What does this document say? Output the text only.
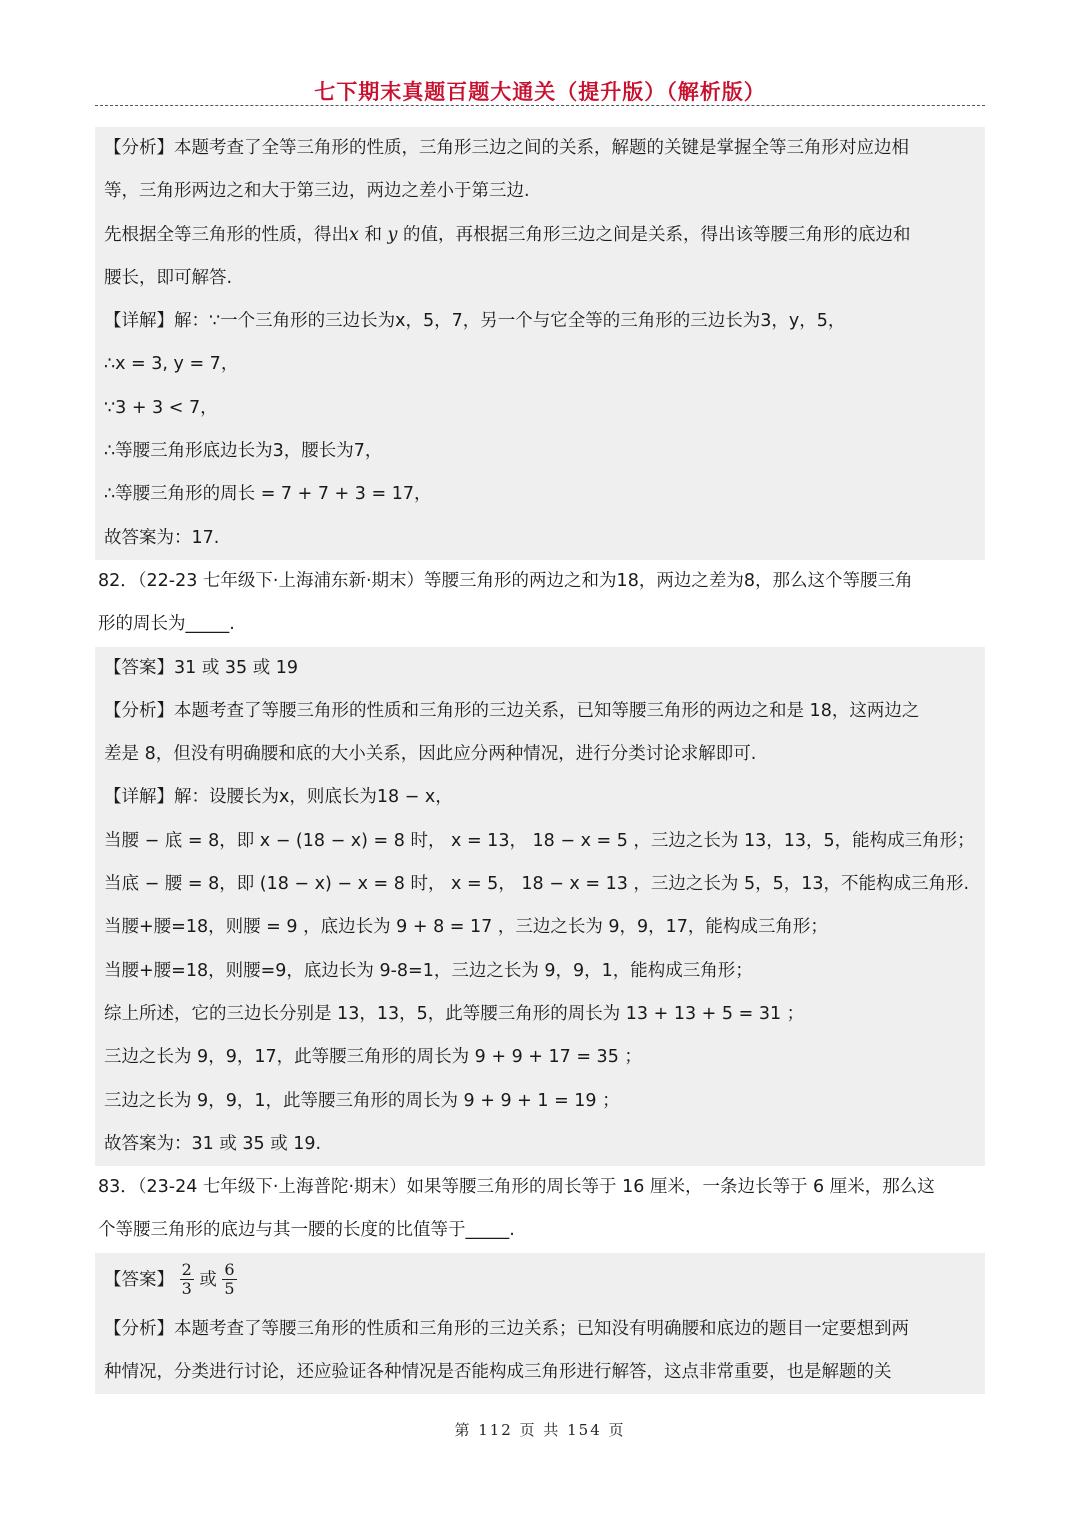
七下期末真题百题大通关（提升版）（解析版）
【分析】本题考查了全等三角形的性质，三角形三边之间的关系，解题的关键是掌握全等三角形对应边相
等，三角形两边之和大于第三边，两边之差小于第三边.
先根据全等三角形的性质，得出x 和 y 的值，再根据三角形三边之间是关系，得出该等腰三角形的底边和
腰长，即可解答.
【详解】解：∵一个三角形的三边长为x，5，7，另一个与它全等的三角形的三边长为3，y，5，
∴x = 3, y = 7，
∵3 + 3 < 7，
∴等腰三角形底边长为3，腰长为7，
∴等腰三角形的周长 = 7 + 7 + 3 = 17，
故答案为：17.
82．（22-23 七年级下·上海浦东新·期末）等腰三角形的两边之和为18，两边之差为8，那么这个等腰三角
形的周长为_____.
【答案】31 或 35 或 19
【分析】本题考查了等腰三角形的性质和三角形的三边关系，已知等腰三角形的两边之和是 18，这两边之
差是 8，但没有明确腰和底的大小关系，因此应分两种情况，进行分类讨论求解即可.
【详解】解：设腰长为x，则底长为18 − x，
当腰 − 底 = 8，即 x − (18 − x) = 8 时， x = 13， 18 − x = 5 ，三边之长为 13，13，5，能构成三角形；
当底 − 腰 = 8，即 (18 − x) − x = 8 时， x = 5， 18 − x = 13 ，三边之长为 5，5，13，不能构成三角形.
当腰+腰=18，则腰 = 9 ，底边长为 9 + 8 = 17 ，三边之长为 9，9，17，能构成三角形；
当腰+腰=18，则腰=9，底边长为 9-8=1，三边之长为 9，9，1，能构成三角形；
综上所述，它的三边长分别是 13，13，5，此等腰三角形的周长为 13 + 13 + 5 = 31 ；
三边之长为 9，9，17，此等腰三角形的周长为 9 + 9 + 17 = 35 ；
三边之长为 9，9，1，此等腰三角形的周长为 9 + 9 + 1 = 19 ；
故答案为：31 或 35 或 19.
83．（23-24 七年级下·上海普陀·期末）如果等腰三角形的周长等于 16 厘米，一条边长等于 6 厘米，那么这
个等腰三角形的底边与其一腰的长度的比值等于_____.
【答案】 $\frac{2}{3}$ 或 $\frac{6}{5}$
【分析】本题考查了等腰三角形的性质和三角形的三边关系；已知没有明确腰和底边的题目一定要想到两
种情况，分类进行讨论，还应验证各种情况是否能构成三角形进行解答，这点非常重要，也是解题的关
第 112 页 共 154 页
